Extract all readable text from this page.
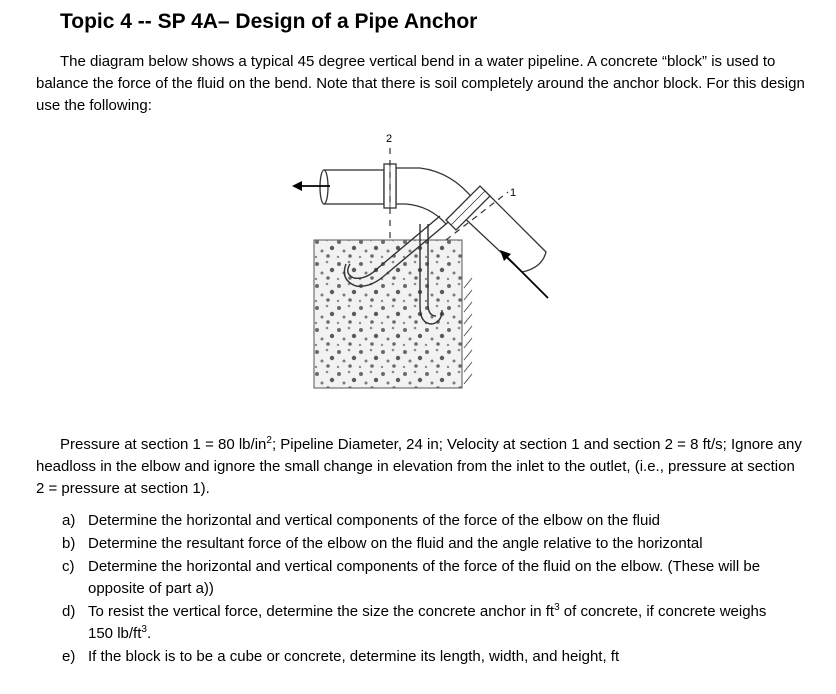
Topic 4 -- SP 4A– Design of a Pipe Anchor

The diagram below shows a typical 45 degree vertical bend in a water pipeline. A concrete “block” is used to balance the force of the fluid on the bend. Note that there is soil completely around the anchor block. For this design use the following:

2
1

Pressure at section 1 = 80 $lb/in^2$; Pipeline Diameter, 24 in; Velocity at section 1 and section 2 = 8 ft/s; Ignore any headloss in the elbow and ignore the small change in elevation from the inlet to the outlet, (i.e., pressure at section 2 = pressure at section 1).

a) Determine the horizontal and vertical components of the force of the elbow on the fluid
b) Determine the resultant force of the elbow on the fluid and the angle relative to the horizontal
c) Determine the horizontal and vertical components of the force of the fluid on the elbow. (These will be opposite of part a))
d) To resist the vertical force, determine the size the concrete anchor in $ft^3$ of concrete, if concrete weighs 150 $lb/ft^3$.
e) If the block is to be a cube or concrete, determine its length, width, and height, ft
